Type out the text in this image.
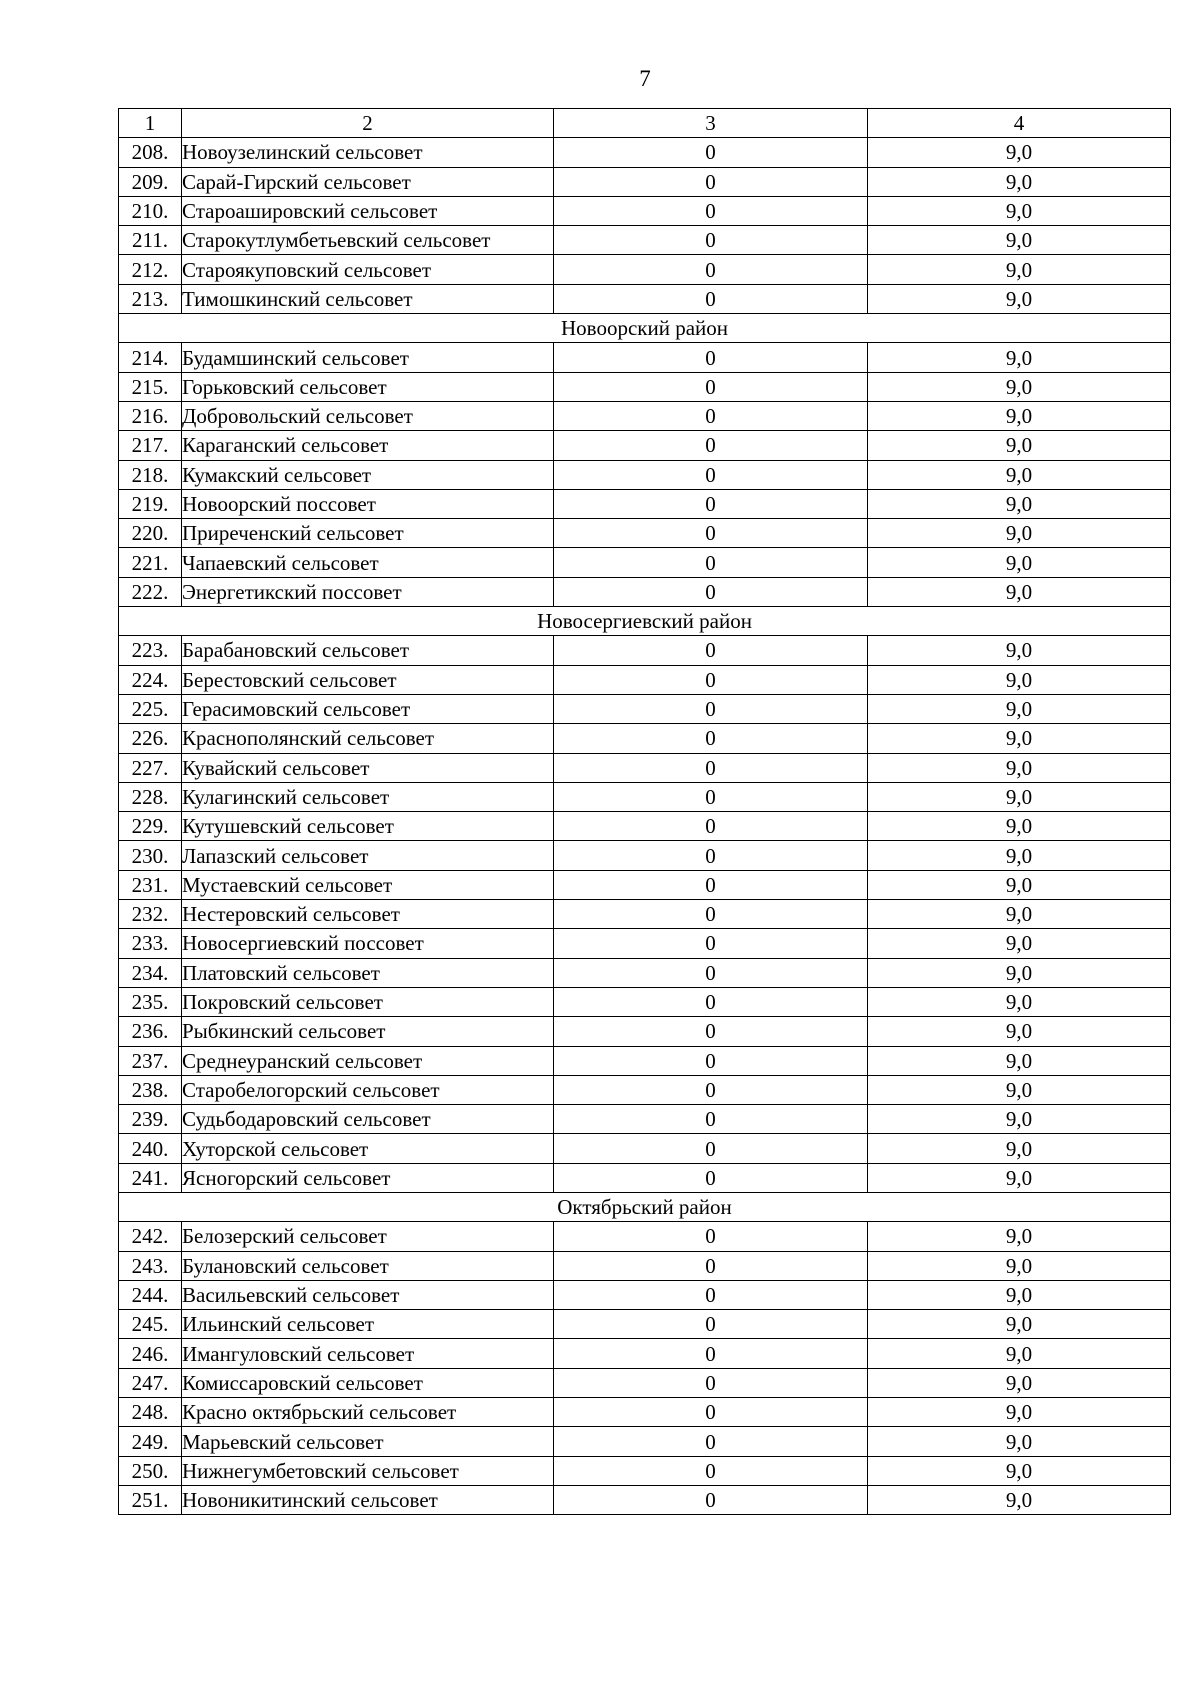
7
1	2	3	4
208.	Новоузелинский сельсовет	0	9,0
209.	Сарай-Гирский сельсовет	0	9,0
210.	Староашировский сельсовет	0	9,0
211.	Старокутлумбетьевский сельсовет	0	9,0
212.	Староякуповский сельсовет	0	9,0
213.	Тимошкинский сельсовет	0	9,0
Новоорский район			
214.	Будамшинский сельсовет	0	9,0
215.	Горьковский сельсовет	0	9,0
216.	Добровольский сельсовет	0	9,0
217.	Караганский сельсовет	0	9,0
218.	Кумакский сельсовет	0	9,0
219.	Новоорский поссовет	0	9,0
220.	Приреченский сельсовет	0	9,0
221.	Чапаевский сельсовет	0	9,0
222.	Энергетикский поссовет	0	9,0
Новосергиевский район			
223.	Барабановский сельсовет	0	9,0
224.	Берестовский сельсовет	0	9,0
225.	Герасимовский сельсовет	0	9,0
226.	Краснополянский сельсовет	0	9,0
227.	Кувайский сельсовет	0	9,0
228.	Кулагинский сельсовет	0	9,0
229.	Кутушевский сельсовет	0	9,0
230.	Лапазский сельсовет	0	9,0
231.	Мустаевский сельсовет	0	9,0
232.	Нестеровский сельсовет	0	9,0
233.	Новосергиевский поссовет	0	9,0
234.	Платовский сельсовет	0	9,0
235.	Покровский сельсовет	0	9,0
236.	Рыбкинский сельсовет	0	9,0
237.	Среднеуранский сельсовет	0	9,0
238.	Старобелогорский сельсовет	0	9,0
239.	Судьбодаровский сельсовет	0	9,0
240.	Хуторской сельсовет	0	9,0
241.	Ясногорский сельсовет	0	9,0
Октябрьский район			
242.	Белозерский сельсовет	0	9,0
243.	Булановский сельсовет	0	9,0
244.	Васильевский сельсовет	0	9,0
245.	Ильинский сельсовет	0	9,0
246.	Имангуловский сельсовет	0	9,0
247.	Комиссаровский сельсовет	0	9,0
248.	Красно октябрьский сельсовет	0	9,0
249.	Марьевский сельсовет	0	9,0
250.	Нижнегумбетовский сельсовет	0	9,0
251.	Новоникитинский сельсовет	0	9,0
